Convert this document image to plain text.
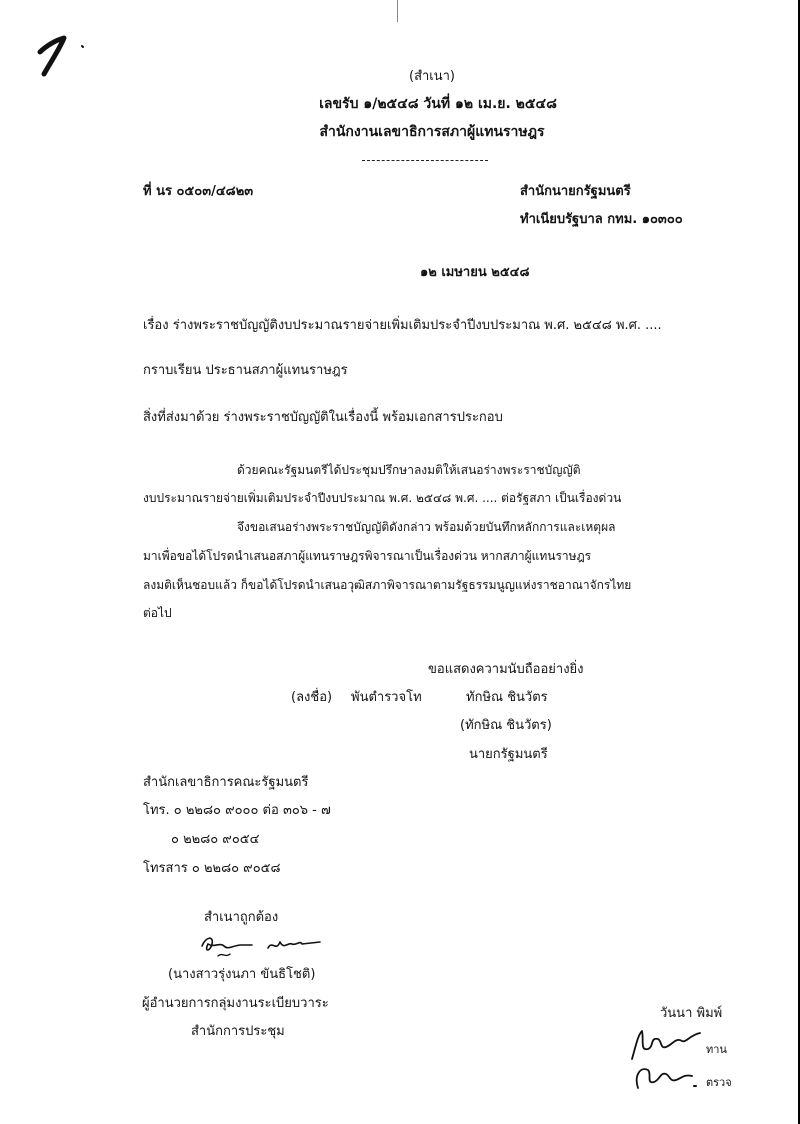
(สำเนา)
เลขรับ ๑/๒๕๔๘ วันที่ ๑๒ เม.ย. ๒๕๔๘
สำนักงานเลขาธิการสภาผู้แทนราษฎร
ที่ นร ๐๕๐๓/๔๘๒๓	สำนักนายกรัฐมนตรี
ทำเนียบรัฐบาล กทม. ๑๐๓๐๐
๑๒ เมษายน ๒๕๔๘
เรื่อง ร่างพระราชบัญญัติงบประมาณรายจ่ายเพิ่มเติมประจำปีงบประมาณ พ.ศ. ๒๕๔๘ พ.ศ. ....
กราบเรียน ประธานสภาผู้แทนราษฎร
สิ่งที่ส่งมาด้วย ร่างพระราชบัญญัติในเรื่องนี้ พร้อมเอกสารประกอบ
ด้วยคณะรัฐมนตรีได้ประชุมปรึกษาลงมติให้เสนอร่างพระราชบัญญัติ
งบประมาณรายจ่ายเพิ่มเติมประจำปีงบประมาณ พ.ศ. ๒๕๔๘ พ.ศ. .... ต่อรัฐสภา เป็นเรื่องด่วน
จึงขอเสนอร่างพระราชบัญญัติดังกล่าว พร้อมด้วยบันทึกหลักการและเหตุผล
มาเพื่อขอได้โปรดนำเสนอสภาผู้แทนราษฎรพิจารณาเป็นเรื่องด่วน หากสภาผู้แทนราษฎร
ลงมติเห็นชอบแล้ว ก็ขอได้โปรดนำเสนอวุฒิสภาพิจารณาตามรัฐธรรมนูญแห่งราชอาณาจักรไทย
ต่อไป
ขอแสดงความนับถืออย่างยิ่ง
(ลงชื่อ) พันตำรวจโท	ทักษิณ ชินวัตร
(ทักษิณ ชินวัตร)
นายกรัฐมนตรี
สำนักเลขาธิการคณะรัฐมนตรี
โทร. ๐ ๒๒๘๐ ๙๐๐๐ ต่อ ๓๐๖ - ๗
๐ ๒๒๘๐ ๙๐๕๔
โทรสาร ๐ ๒๒๘๐ ๙๐๕๘
สำเนาถูกต้อง
(นางสาวรุ่งนภา ขันธิโชติ)
ผู้อำนวยการกลุ่มงานระเบียบวาระ
สำนักการประชุม
วันนา พิมพ์
ทาน
ตรวจ
